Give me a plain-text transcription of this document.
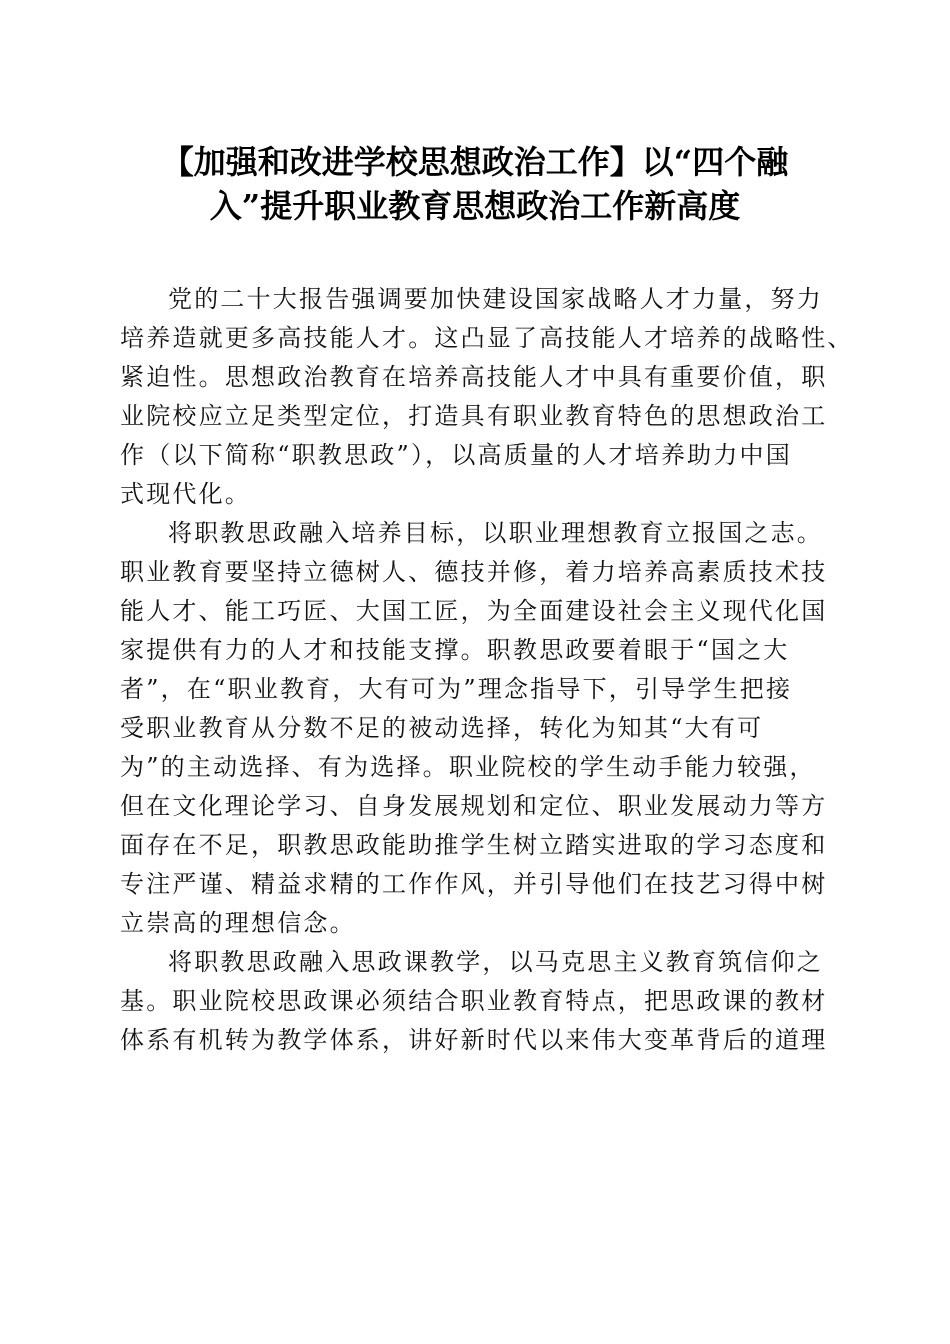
【加强和改进学校思想政治工作】以“四个融
入”提升职业教育思想政治工作新高度
党的二十大报告强调要加快建设国家战略人才力量，努力
培养造就更多高技能人才。这凸显了高技能人才培养的战略性、
紧迫性。思想政治教育在培养高技能人才中具有重要价值，职
业院校应立足类型定位，打造具有职业教育特色的思想政治工
作（以下简称“职教思政”），以高质量的人才培养助力中国
式现代化。
将职教思政融入培养目标，以职业理想教育立报国之志。
职业教育要坚持立德树人、德技并修，着力培养高素质技术技
能人才、能工巧匠、大国工匠，为全面建设社会主义现代化国
家提供有力的人才和技能支撑。职教思政要着眼于“国之大
者”，在“职业教育，大有可为”理念指导下，引导学生把接
受职业教育从分数不足的被动选择，转化为知其“大有可
为”的主动选择、有为选择。职业院校的学生动手能力较强，
但在文化理论学习、自身发展规划和定位、职业发展动力等方
面存在不足，职教思政能助推学生树立踏实进取的学习态度和
专注严谨、精益求精的工作作风，并引导他们在技艺习得中树
立崇高的理想信念。
将职教思政融入思政课教学，以马克思主义教育筑信仰之
基。职业院校思政课必须结合职业教育特点，把思政课的教材
体系有机转为教学体系，讲好新时代以来伟大变革背后的道理
